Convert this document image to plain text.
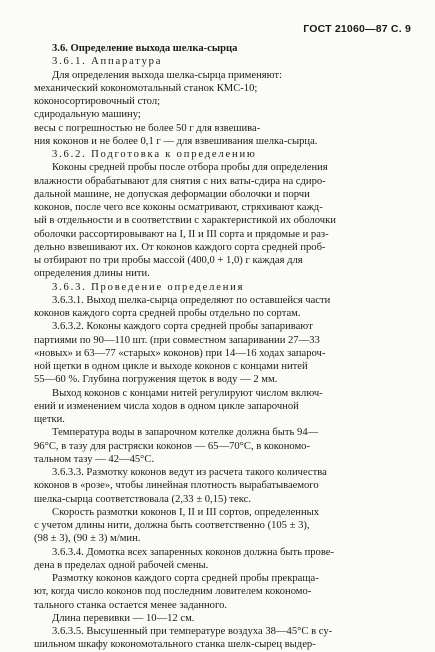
ГОСТ 21060—87 С. 9

3.6. Определение выхода шелка-сырца

3.6.1. Аппаратура

Для определения выхода шелка-сырца применяют:

механический кокономотальный станок КМС-10;

коконосортировочный стол;

сдиродальную машину;

весы с погрешностью не более 50 г для взвешива-

ния коконов и не более 0,1 г — для взвешивания шелка-сырца.

3.6.2. Подготовка к определению

Коконы средней пробы после отбора пробы для определения

влажности обрабатывают для снятия с них ваты-сдира на сдиро-

дальной машине, не допуская деформации оболочки и порчи

коконов, после чего все коконы осматривают, стряхивают кажд-

ый в отдельности и в соответствии с характеристикой их оболочки

оболочки рассортировывают на I, II и III сорта и прядомые и раз-

дельно взвешивают их. От коконов каждого сорта средней проб-

ы отбирают по три пробы массой (400,0 + 1,0) г каждая для

определения длины нити.

3.6.3. Проведение определения

3.6.3.1. Выход шелка-сырца определяют по оставшейся части

коконов каждого сорта средней пробы отдельно по сортам.

3.6.3.2. Коконы каждого сорта средней пробы запаривают

партиями по 90—110 шт. (при совместном запаривании 27—33

«новых» и 63—77 «старых» коконов) при 14—16 ходах запароч-

ной щетки в одном цикле и выходе коконов с концами нитей

55—60 %. Глубина погружения щеток в воду — 2 мм.

Выход коконов с концами нитей регулируют числом включ-

ений и изменением числа ходов в одном цикле запарочной

щетки.

Температура воды в запарочном котелке должна быть 94—

96°С, в тазу для растряски коконов — 65—70°С, в кокономо-

тальном тазу — 42—45°С.

3.6.3.3. Размотку коконов ведут из расчета такого количества

коконов в «розе», чтобы линейная плотность вырабатываемого

шелка-сырца соответствовала (2,33 ± 0,15) текс.

Скорость размотки коконов I, II и III сортов, определенных

с учетом длины нити, должна быть соответственно (105 ± 3),

(98 ± 3), (90 ± 3) м/мин.

3.6.3.4. Домотка всех запаренных коконов должна быть прове-

дена в пределах одной рабочей смены.

Размотку коконов каждого сорта средней пробы прекраща-

ют, когда число коконов под последним ловителем кокономо-

тального станка остается менее заданного.

Длина перевивки — 10—12 см.

3.6.3.5. Высушенный при температуре воздуха 38—45°С в су-

шильном шкафу кокономотального станка шелк-сырец выдер-
